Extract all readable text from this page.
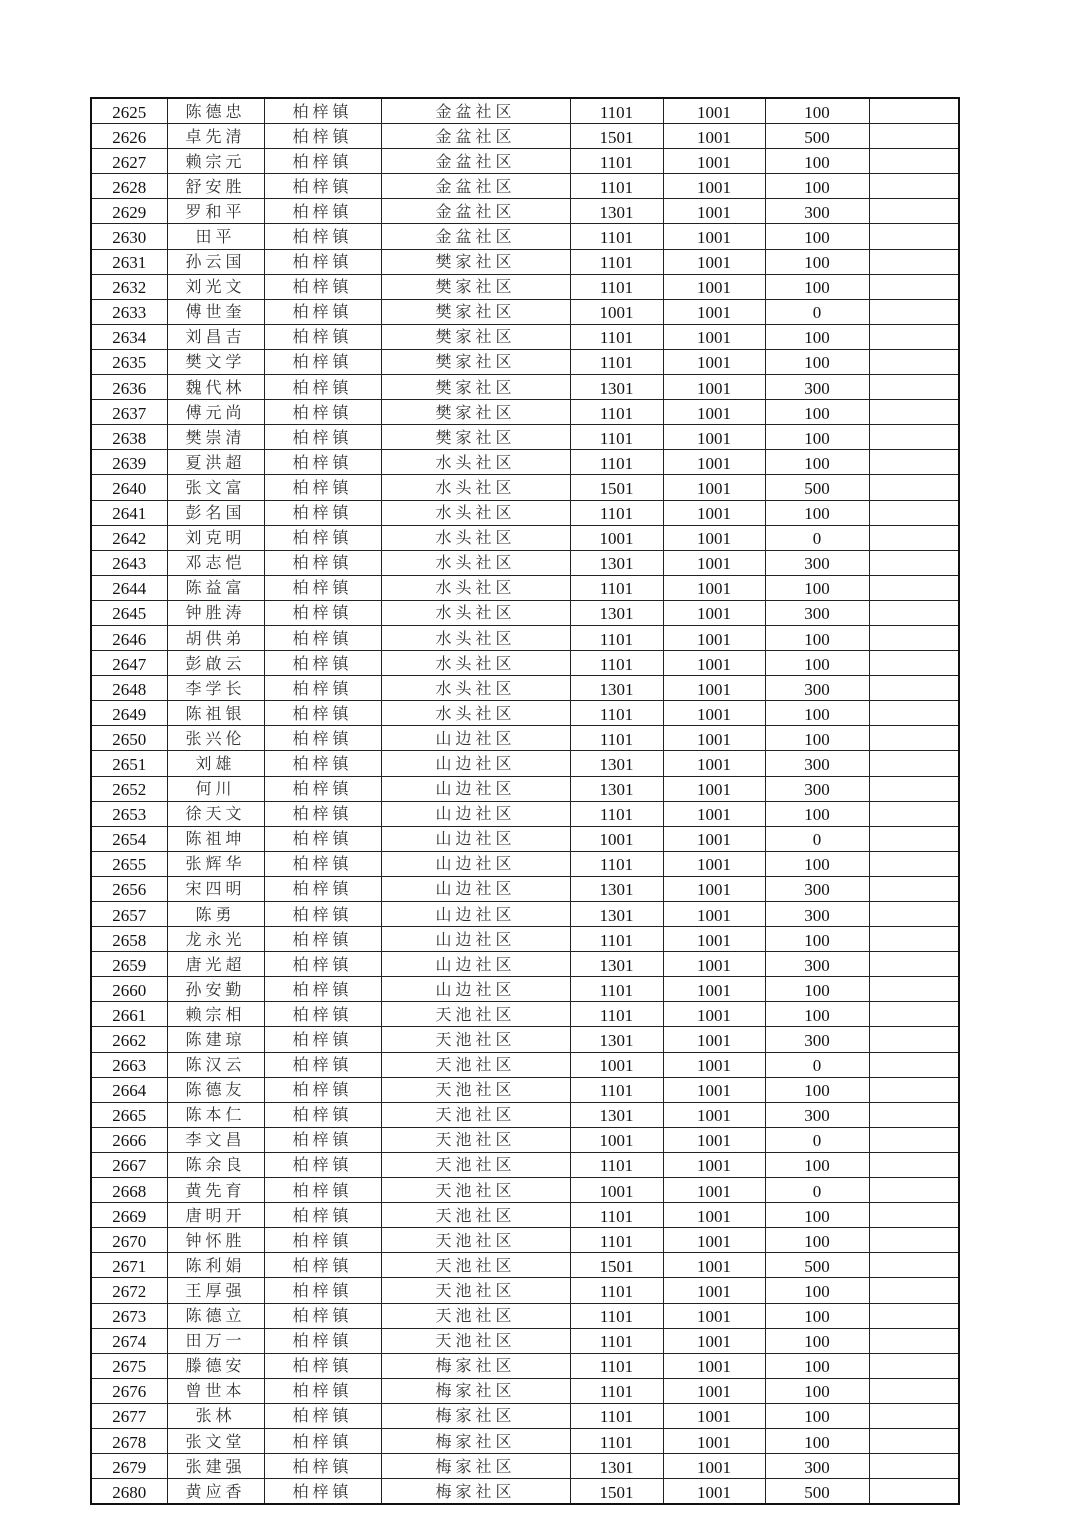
2625	陈德忠	柏梓镇	金盆社区	1101	1001	100	
2626	卓先清	柏梓镇	金盆社区	1501	1001	500	
2627	赖宗元	柏梓镇	金盆社区	1101	1001	100	
2628	舒安胜	柏梓镇	金盆社区	1101	1001	100	
2629	罗和平	柏梓镇	金盆社区	1301	1001	300	
2630	田平	柏梓镇	金盆社区	1101	1001	100	
2631	孙云国	柏梓镇	樊家社区	1101	1001	100	
2632	刘光文	柏梓镇	樊家社区	1101	1001	100	
2633	傅世奎	柏梓镇	樊家社区	1001	1001	0	
2634	刘昌吉	柏梓镇	樊家社区	1101	1001	100	
2635	樊文学	柏梓镇	樊家社区	1101	1001	100	
2636	魏代林	柏梓镇	樊家社区	1301	1001	300	
2637	傅元尚	柏梓镇	樊家社区	1101	1001	100	
2638	樊崇清	柏梓镇	樊家社区	1101	1001	100	
2639	夏洪超	柏梓镇	水头社区	1101	1001	100	
2640	张文富	柏梓镇	水头社区	1501	1001	500	
2641	彭名国	柏梓镇	水头社区	1101	1001	100	
2642	刘克明	柏梓镇	水头社区	1001	1001	0	
2643	邓志恺	柏梓镇	水头社区	1301	1001	300	
2644	陈益富	柏梓镇	水头社区	1101	1001	100	
2645	钟胜涛	柏梓镇	水头社区	1301	1001	300	
2646	胡供弟	柏梓镇	水头社区	1101	1001	100	
2647	彭啟云	柏梓镇	水头社区	1101	1001	100	
2648	李学长	柏梓镇	水头社区	1301	1001	300	
2649	陈祖银	柏梓镇	水头社区	1101	1001	100	
2650	张兴伦	柏梓镇	山边社区	1101	1001	100	
2651	刘雄	柏梓镇	山边社区	1301	1001	300	
2652	何川	柏梓镇	山边社区	1301	1001	300	
2653	徐天文	柏梓镇	山边社区	1101	1001	100	
2654	陈祖坤	柏梓镇	山边社区	1001	1001	0	
2655	张辉华	柏梓镇	山边社区	1101	1001	100	
2656	宋四明	柏梓镇	山边社区	1301	1001	300	
2657	陈勇	柏梓镇	山边社区	1301	1001	300	
2658	龙永光	柏梓镇	山边社区	1101	1001	100	
2659	唐光超	柏梓镇	山边社区	1301	1001	300	
2660	孙安勤	柏梓镇	山边社区	1101	1001	100	
2661	赖宗相	柏梓镇	天池社区	1101	1001	100	
2662	陈建琼	柏梓镇	天池社区	1301	1001	300	
2663	陈汉云	柏梓镇	天池社区	1001	1001	0	
2664	陈德友	柏梓镇	天池社区	1101	1001	100	
2665	陈本仁	柏梓镇	天池社区	1301	1001	300	
2666	李文昌	柏梓镇	天池社区	1001	1001	0	
2667	陈余良	柏梓镇	天池社区	1101	1001	100	
2668	黄先育	柏梓镇	天池社区	1001	1001	0	
2669	唐明开	柏梓镇	天池社区	1101	1001	100	
2670	钟怀胜	柏梓镇	天池社区	1101	1001	100	
2671	陈利娟	柏梓镇	天池社区	1501	1001	500	
2672	王厚强	柏梓镇	天池社区	1101	1001	100	
2673	陈德立	柏梓镇	天池社区	1101	1001	100	
2674	田万一	柏梓镇	天池社区	1101	1001	100	
2675	滕德安	柏梓镇	梅家社区	1101	1001	100	
2676	曾世本	柏梓镇	梅家社区	1101	1001	100	
2677	张林	柏梓镇	梅家社区	1101	1001	100	
2678	张文堂	柏梓镇	梅家社区	1101	1001	100	
2679	张建强	柏梓镇	梅家社区	1301	1001	300	
2680	黄应香	柏梓镇	梅家社区	1501	1001	500	
